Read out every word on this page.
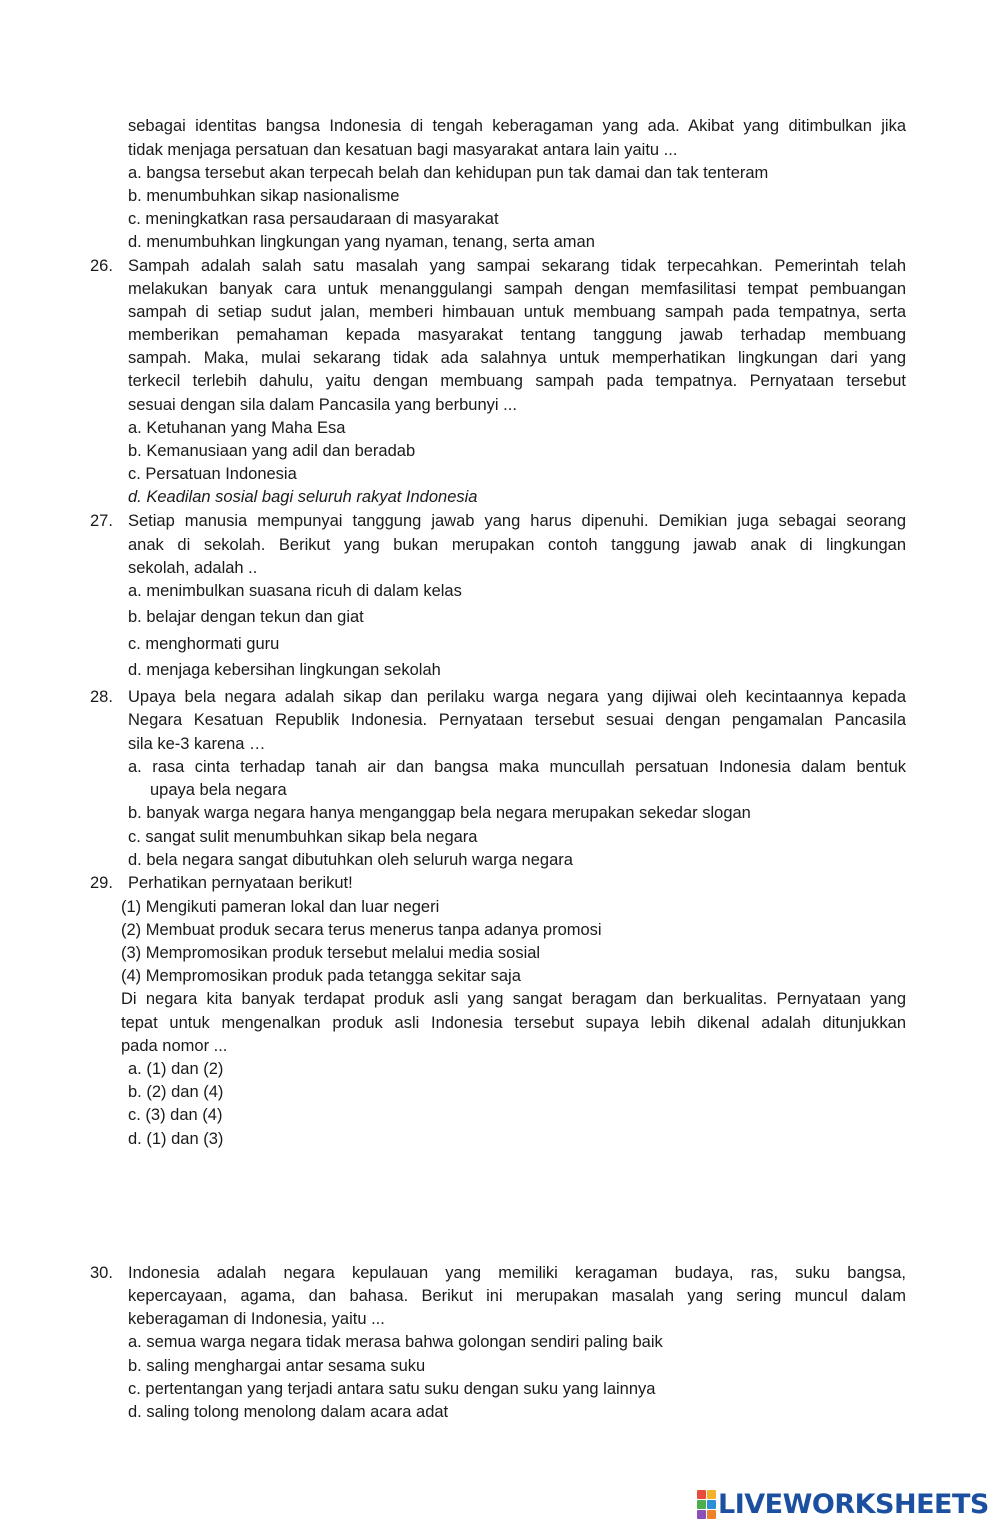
sebagai identitas bangsa Indonesia di tengah keberagaman yang ada. Akibat yang ditimbulkan jika
tidak menjaga persatuan dan kesatuan bagi masyarakat antara lain yaitu ...
a. bangsa tersebut akan terpecah belah dan kehidupan pun tak damai dan tak tenteram
b. menumbuhkan sikap nasionalisme
c. meningkatkan rasa persaudaraan di masyarakat
d. menumbuhkan lingkungan yang nyaman, tenang, serta aman
26. Sampah adalah salah satu masalah yang sampai sekarang tidak terpecahkan. Pemerintah telah
melakukan banyak cara untuk menanggulangi sampah dengan memfasilitasi tempat pembuangan
sampah di setiap sudut jalan, memberi himbauan untuk membuang sampah pada tempatnya, serta
memberikan pemahaman kepada masyarakat tentang tanggung jawab terhadap membuang
sampah. Maka, mulai sekarang tidak ada salahnya untuk memperhatikan lingkungan dari yang
terkecil terlebih dahulu, yaitu dengan membuang sampah pada tempatnya. Pernyataan tersebut
sesuai dengan sila dalam Pancasila yang berbunyi ...
a. Ketuhanan yang Maha Esa
b. Kemanusiaan yang adil dan beradab
c. Persatuan Indonesia
d. Keadilan sosial bagi seluruh rakyat Indonesia
27. Setiap manusia mempunyai tanggung jawab yang harus dipenuhi. Demikian juga sebagai seorang
anak di sekolah. Berikut yang bukan merupakan contoh tanggung jawab anak di lingkungan
sekolah, adalah ..
a. menimbulkan suasana ricuh di dalam kelas
b. belajar dengan tekun dan giat
c. menghormati guru
d. menjaga kebersihan lingkungan sekolah
28. Upaya bela negara adalah sikap dan perilaku warga negara yang dijiwai oleh kecintaannya kepada
Negara Kesatuan Republik Indonesia. Pernyataan tersebut sesuai dengan pengamalan Pancasila
sila ke-3 karena …
a. rasa cinta terhadap tanah air dan bangsa maka muncullah persatuan Indonesia dalam bentuk
upaya bela negara
b. banyak warga negara hanya menganggap bela negara merupakan sekedar slogan
c. sangat sulit menumbuhkan sikap bela negara
d. bela negara sangat dibutuhkan oleh seluruh warga negara
29. Perhatikan pernyataan berikut!
(1) Mengikuti pameran lokal dan luar negeri
(2) Membuat produk secara terus menerus tanpa adanya promosi
(3) Mempromosikan produk tersebut melalui media sosial
(4) Mempromosikan produk pada tetangga sekitar saja
Di negara kita banyak terdapat produk asli yang sangat beragam dan berkualitas. Pernyataan yang
tepat untuk mengenalkan produk asli Indonesia tersebut supaya lebih dikenal adalah ditunjukkan
pada nomor ...
a. (1) dan (2)
b. (2) dan (4)
c. (3) dan (4)
d. (1) dan (3)
30. Indonesia adalah negara kepulauan yang memiliki keragaman budaya, ras, suku bangsa,
kepercayaan, agama, dan bahasa. Berikut ini merupakan masalah yang sering muncul dalam
keberagaman di Indonesia, yaitu ...
a. semua warga negara tidak merasa bahwa golongan sendiri paling baik
b. saling menghargai antar sesama suku
c. pertentangan yang terjadi antara satu suku dengan suku yang lainnya
d. saling tolong menolong dalam acara adat
LIVEWORKSHEETS
